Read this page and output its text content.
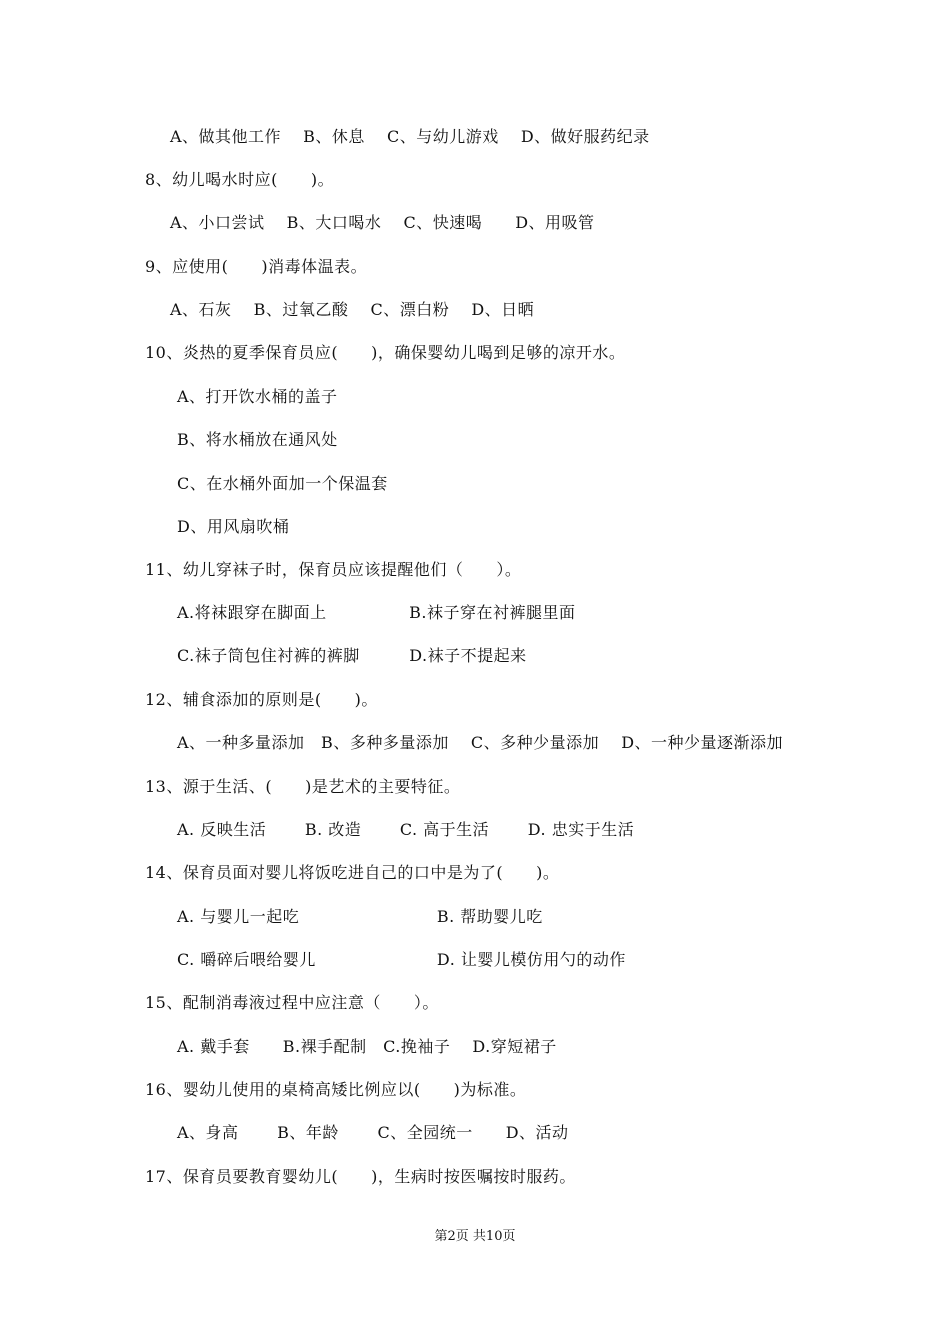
A、做其他工作　 B、休息　 C、与幼儿游戏　 D、做好服药纪录
8、幼儿喝水时应(　　)。
A、小口尝试　 B、大口喝水　 C、快速喝　　D、用吸管
9、应使用(　　)消毒体温表。
A、石灰　 B、过氧乙酸　 C、漂白粉　 D、日晒
10、炎热的夏季保育员应(　　)，确保婴幼儿喝到足够的凉开水。
A、打开饮水桶的盖子
B、将水桶放在通风处
C、在水桶外面加一个保温套
D、用风扇吹桶
11、幼儿穿袜子时，保育员应该提醒他们（　　）。
A.将袜跟穿在脚面上　　　　　B.袜子穿在衬裤腿里面
C.袜子筒包住衬裤的裤脚　　　D.袜子不提起来
12、辅食添加的原则是(　　)。
A、一种多量添加　B、多种多量添加　 C、多种少量添加　 D、一种少量逐渐添加
13、源于生活、(　　)是艺术的主要特征。
A. 反映生活　　 B. 改造　　 C. 高于生活　　 D. 忠实于生活
14、保育员面对婴儿将饭吃进自己的口中是为了(　　)。
A. 与婴儿一起吃　　　　　　　　 B. 帮助婴儿吃
C. 嚼碎后喂给婴儿　　　　　　　 D. 让婴儿模仿用勺的动作
15、配制消毒液过程中应注意（　　）。
A. 戴手套　　B.裸手配制　C.挽袖子　 D.穿短裙子
16、婴幼儿使用的桌椅高矮比例应以(　　)为标准。
A、身高　　 B、年龄　　 C、全园统一　　D、活动
17、保育员要教育婴幼儿(　　)，生病时按医嘱按时服药。
第2页 共10页
